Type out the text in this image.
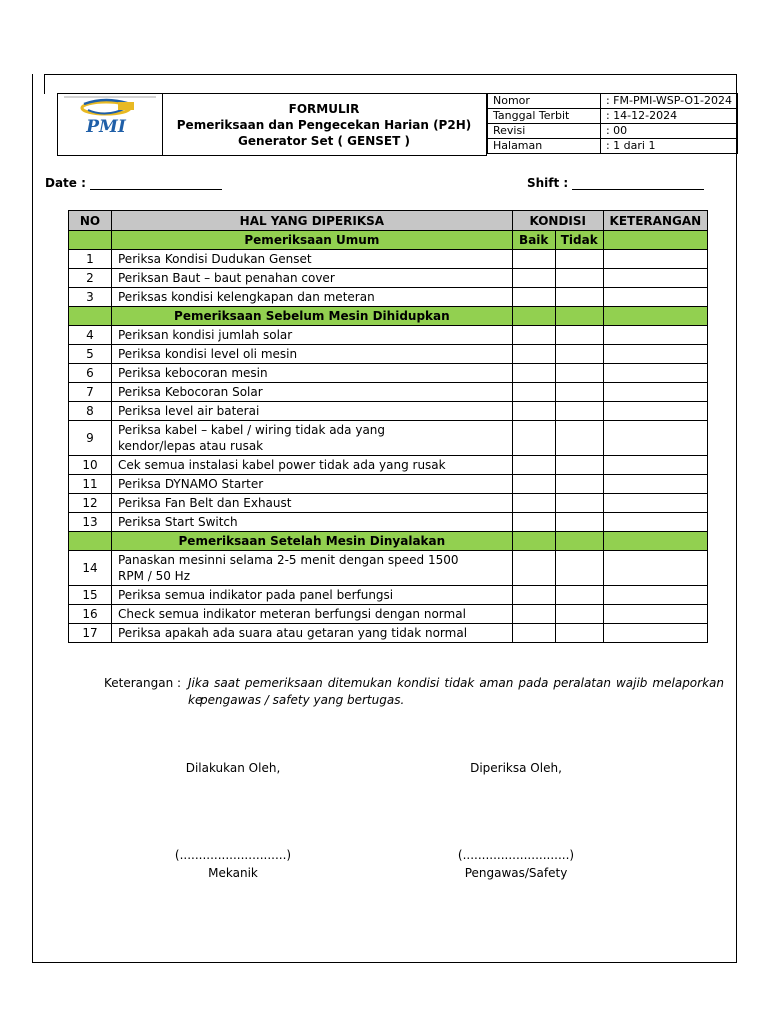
PMI
FORMULIR
Pemeriksaan dan Pengecekan Harian (P2H)
Generator Set ( GENSET )
Nomor	: FM-PMI-WSP-O1-2024
Tanggal Terbit	: 14-12-2024
Revisi	: 00
Halaman	: 1 dari 1
Date :	Shift :
NO	HAL YANG DIPERIKSA	KONDISI		KETERANGAN
	Pemeriksaan Umum	Baik	Tidak	
1	Periksa Kondisi Dudukan Genset			

2	Periksan Baut – baut penahan cover			

3	Periksas kondisi kelengkapan dan meteran			

	Pemeriksaan Sebelum Mesin Dihidupkan			
4	Periksan kondisi jumlah solar			

5	Periksa kondisi level oli mesin			

6	Periksa kebocoran mesin			

7	Periksa Kebocoran Solar			

8	Periksa level air baterai			

9	Periksa kabel – kabel / wiring tidak ada yang
kendor/lepas atau rusak			

10	Cek semua instalasi kabel power tidak ada yang rusak			

11	Periksa DYNAMO Starter			

12	Periksa Fan Belt dan Exhaust			

13	Periksa Start Switch			

	Pemeriksaan Setelah Mesin Dinyalakan			
14	Panaskan mesinni selama 2-5 menit dengan speed 1500
RPM / 50 Hz			

15	Periksa semua indikator pada panel berfungsi			

16	Check semua indikator meteran berfungsi dengan normal			

17	Periksa apakah ada suara atau getaran yang tidak normal			

Keterangan : Jika saat pemeriksaan ditemukan kondisi tidak aman pada peralatan wajib melaporkan ke
pengawas / safety yang bertugas.
Dilakukan Oleh,	Diperiksa Oleh,
(............................)	(............................)
Mekanik	Pengawas/Safety
